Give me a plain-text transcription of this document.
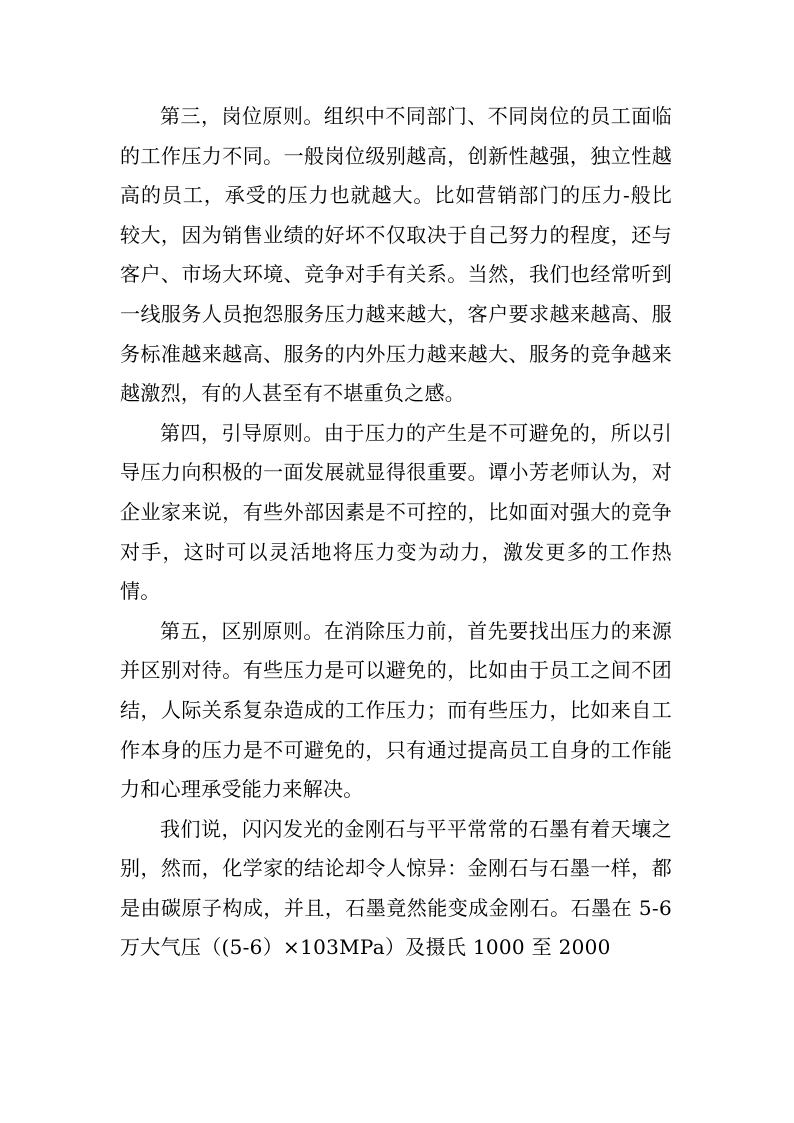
第三，岗位原则。组织中不同部门、不同岗位的员工面临的工作压力不同。一般岗位级别越高，创新性越强，独立性越高的员工，承受的压力也就越大。比如营销部门的压力-般比较大，因为销售业绩的好坏不仅取决于自己努力的程度，还与客户、市场大环境、竞争对手有关系。当然，我们也经常听到一线服务人员抱怨服务压力越来越大，客户要求越来越高、服务标准越来越高、服务的内外压力越来越大、服务的竞争越来越激烈，有的人甚至有不堪重负之感。

第四，引导原则。由于压力的产生是不可避免的，所以引导压力向积极的一面发展就显得很重要。谭小芳老师认为，对企业家来说，有些外部因素是不可控的，比如面对强大的竞争对手，这时可以灵活地将压力变为动力，激发更多的工作热情。

第五，区别原则。在消除压力前，首先要找出压力的来源并区别对待。有些压力是可以避免的，比如由于员工之间不团结，人际关系复杂造成的工作压力；而有些压力，比如来自工作本身的压力是不可避免的，只有通过提高员工自身的工作能力和心理承受能力来解决。

我们说，闪闪发光的金刚石与平平常常的石墨有着天壤之别，然而，化学家的结论却令人惊异：金刚石与石墨一样，都是由碳原子构成，并且，石墨竟然能变成金刚石。石墨在 5-6 万大气压（(5-6）×103MPa）及摄氏 1000 至 2000
